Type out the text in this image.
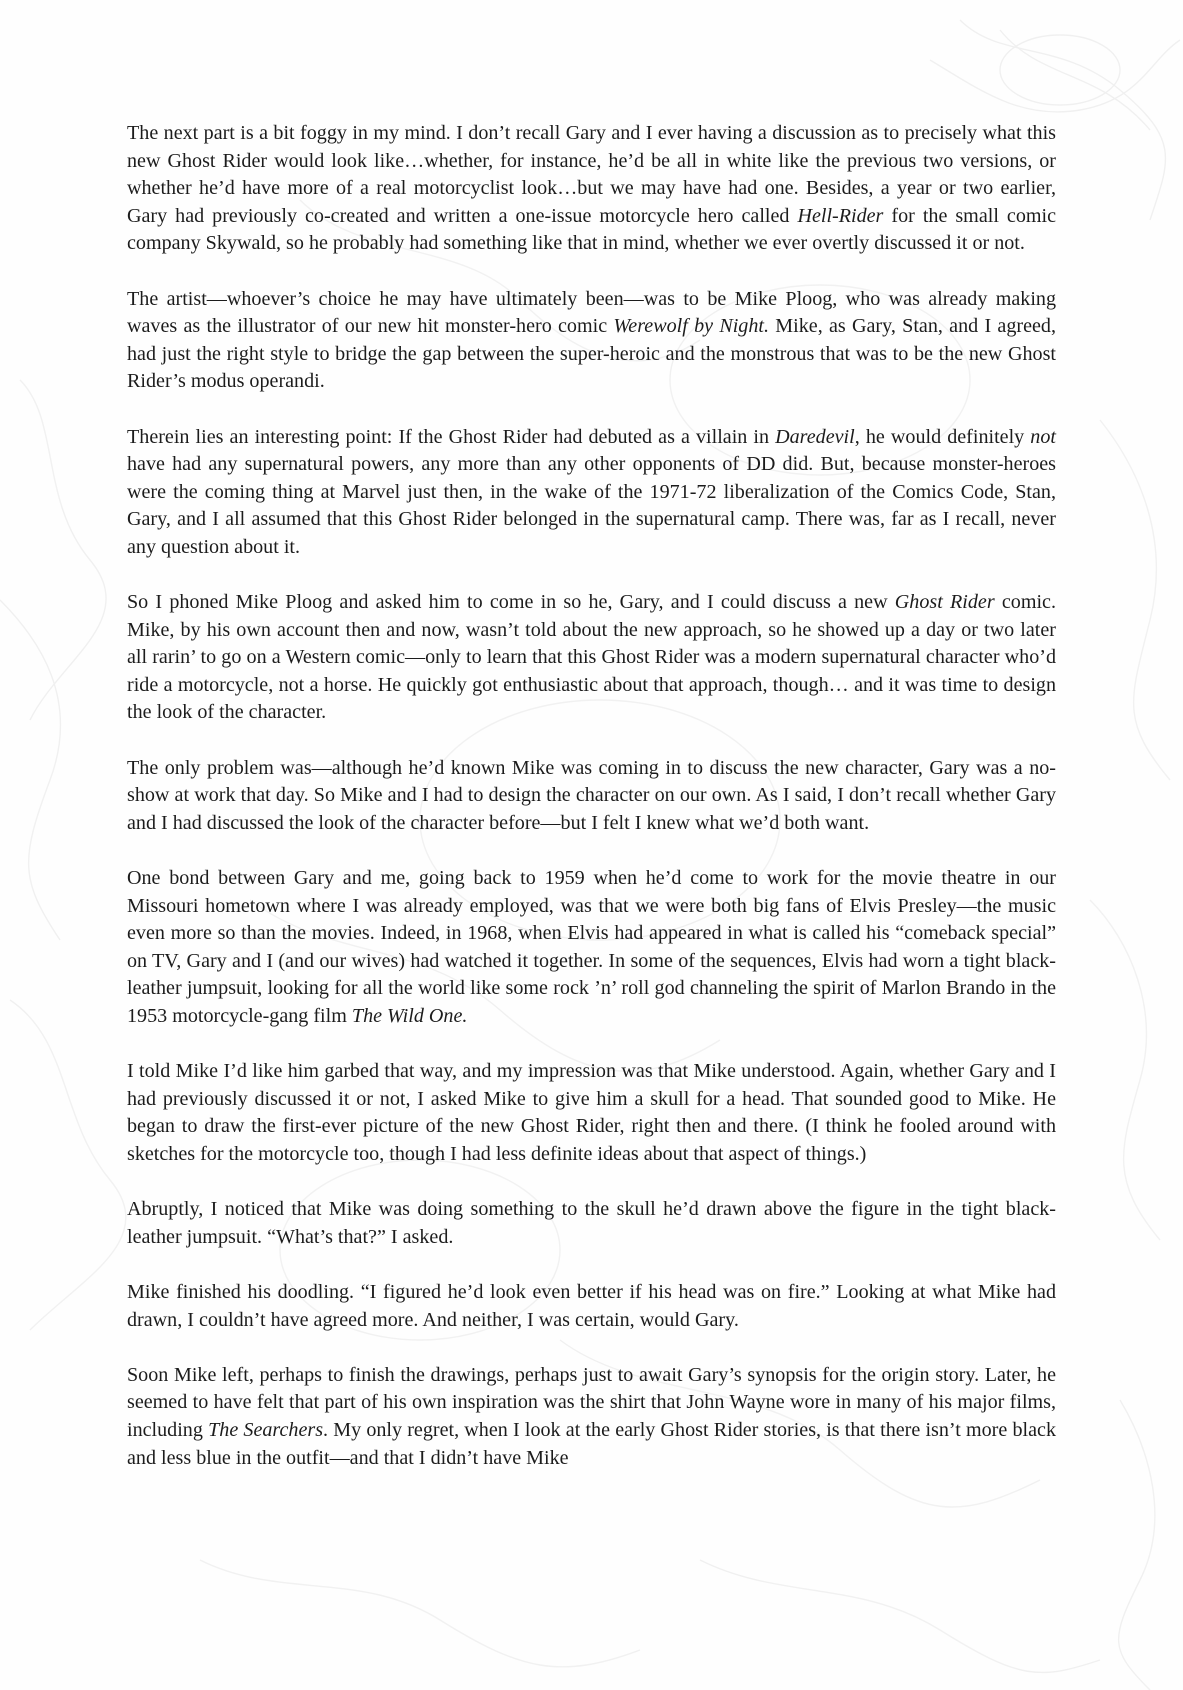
The next part is a bit foggy in my mind. I don’t recall Gary and I ever having a discussion as to precisely what this new Ghost Rider would look like…whether, for instance, he’d be all in white like the previous two versions, or whether he’d have more of a real motorcyclist look…but we may have had one. Besides, a year or two earlier, Gary had previously co-created and written a one-issue motorcycle hero called Hell-Rider for the small comic company Skywald, so he probably had something like that in mind, whether we ever overtly discussed it or not.

The artist—whoever’s choice he may have ultimately been—was to be Mike Ploog, who was already making waves as the illustrator of our new hit monster-hero comic Werewolf by Night. Mike, as Gary, Stan, and I agreed, had just the right style to bridge the gap between the super-heroic and the monstrous that was to be the new Ghost Rider’s modus operandi.

Therein lies an interesting point: If the Ghost Rider had debuted as a villain in Daredevil, he would definitely not have had any supernatural powers, any more than any other opponents of DD did. But, because monster-heroes were the coming thing at Marvel just then, in the wake of the 1971-72 liberalization of the Comics Code, Stan, Gary, and I all assumed that this Ghost Rider belonged in the supernatural camp. There was, far as I recall, never any question about it.

So I phoned Mike Ploog and asked him to come in so he, Gary, and I could discuss a new Ghost Rider comic. Mike, by his own account then and now, wasn’t told about the new approach, so he showed up a day or two later all rarin’ to go on a Western comic—only to learn that this Ghost Rider was a modern supernatural character who’d ride a motorcycle, not a horse. He quickly got enthusiastic about that approach, though… and it was time to design the look of the character.

The only problem was—although he’d known Mike was coming in to discuss the new character, Gary was a no-show at work that day. So Mike and I had to design the character on our own. As I said, I don’t recall whether Gary and I had discussed the look of the character before—but I felt I knew what we’d both want.

One bond between Gary and me, going back to 1959 when he’d come to work for the movie theatre in our Missouri hometown where I was already employed, was that we were both big fans of Elvis Presley—the music even more so than the movies. Indeed, in 1968, when Elvis had appeared in what is called his “comeback special” on TV, Gary and I (and our wives) had watched it together. In some of the sequences, Elvis had worn a tight black-leather jumpsuit, looking for all the world like some rock ’n’ roll god channeling the spirit of Marlon Brando in the 1953 motorcycle-gang film The Wild One.

I told Mike I’d like him garbed that way, and my impression was that Mike understood. Again, whether Gary and I had previously discussed it or not, I asked Mike to give him a skull for a head. That sounded good to Mike. He began to draw the first-ever picture of the new Ghost Rider, right then and there. (I think he fooled around with sketches for the motorcycle too, though I had less definite ideas about that aspect of things.)

Abruptly, I noticed that Mike was doing something to the skull he’d drawn above the figure in the tight black-leather jumpsuit. “What’s that?” I asked.

Mike finished his doodling. “I figured he’d look even better if his head was on fire.” Looking at what Mike had drawn, I couldn’t have agreed more. And neither, I was certain, would Gary.

Soon Mike left, perhaps to finish the drawings, perhaps just to await Gary’s synopsis for the origin story. Later, he seemed to have felt that part of his own inspiration was the shirt that John Wayne wore in many of his major films, including The Searchers. My only regret, when I look at the early Ghost Rider stories, is that there isn’t more black and less blue in the outfit—and that I didn’t have Mike
